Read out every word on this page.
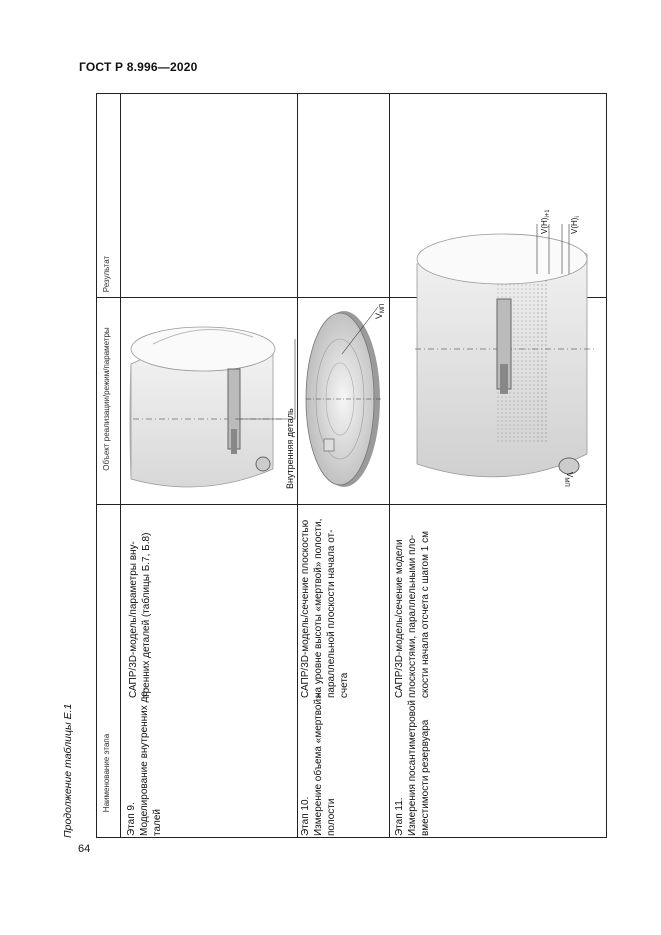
ГОСТ Р 8.996—2020
64
Продолжение таблицы Е.1	Наименование этапа
Объект реализации/режим/параметры
Результат
Этап 9. Моделирование внутренних де-
талей
САПР/3D-модель/параметры вну-
тренних деталей (таблицы Б.7, Б.8)
Этап 10. Измерение объема «мертвой»
полости
САПР/3D-модель/сечение плоскостью
на уровне высоты «мертвой» полости,
параллельной плоскости начала от-
счета
Этап 11. Измерения посантиметровой
вместимости резервуара
САПР/3D-модель/сечение модели
плоскостями, параллельными пло-
скости начала отсчета с шагом 1 см
Внутренняя деталь
$V_{МП}$
$V(H)_{i+1}$
$V(H)_i$
$V_{МП}$
